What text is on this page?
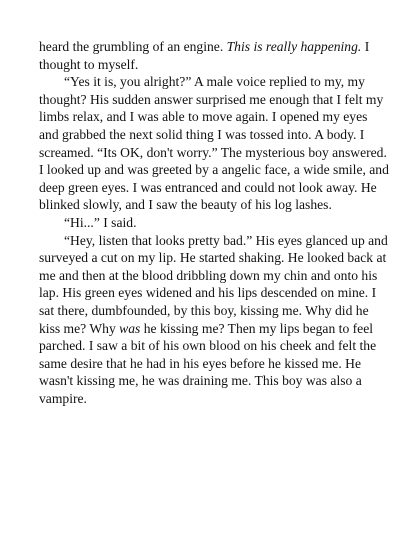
heard the grumbling of an engine. This is really happening. I thought to myself.

“Yes it is, you alright?” A male voice replied to my, my thought? His sudden answer surprised me enough that I felt my limbs relax, and I was able to move again. I opened my eyes and grabbed the next solid thing I was tossed into. A body. I screamed. “Its OK, don't worry.” The mysterious boy answered. I looked up and was greeted by a angelic face, a wide smile, and deep green eyes. I was entranced and could not look away. He blinked slowly, and I saw the beauty of his log lashes.

“Hi...” I said.

“Hey, listen that looks pretty bad.” His eyes glanced up and surveyed a cut on my lip. He started shaking. He looked back at me and then at the blood dribbling down my chin and onto his lap. His green eyes widened and his lips descended on mine. I sat there, dumbfounded, by this boy, kissing me. Why did he kiss me? Why was he kissing me? Then my lips began to feel parched. I saw a bit of his own blood on his cheek and felt the same desire that he had in his eyes before he kissed me. He wasn't kissing me, he was draining me. This boy was also a vampire.
